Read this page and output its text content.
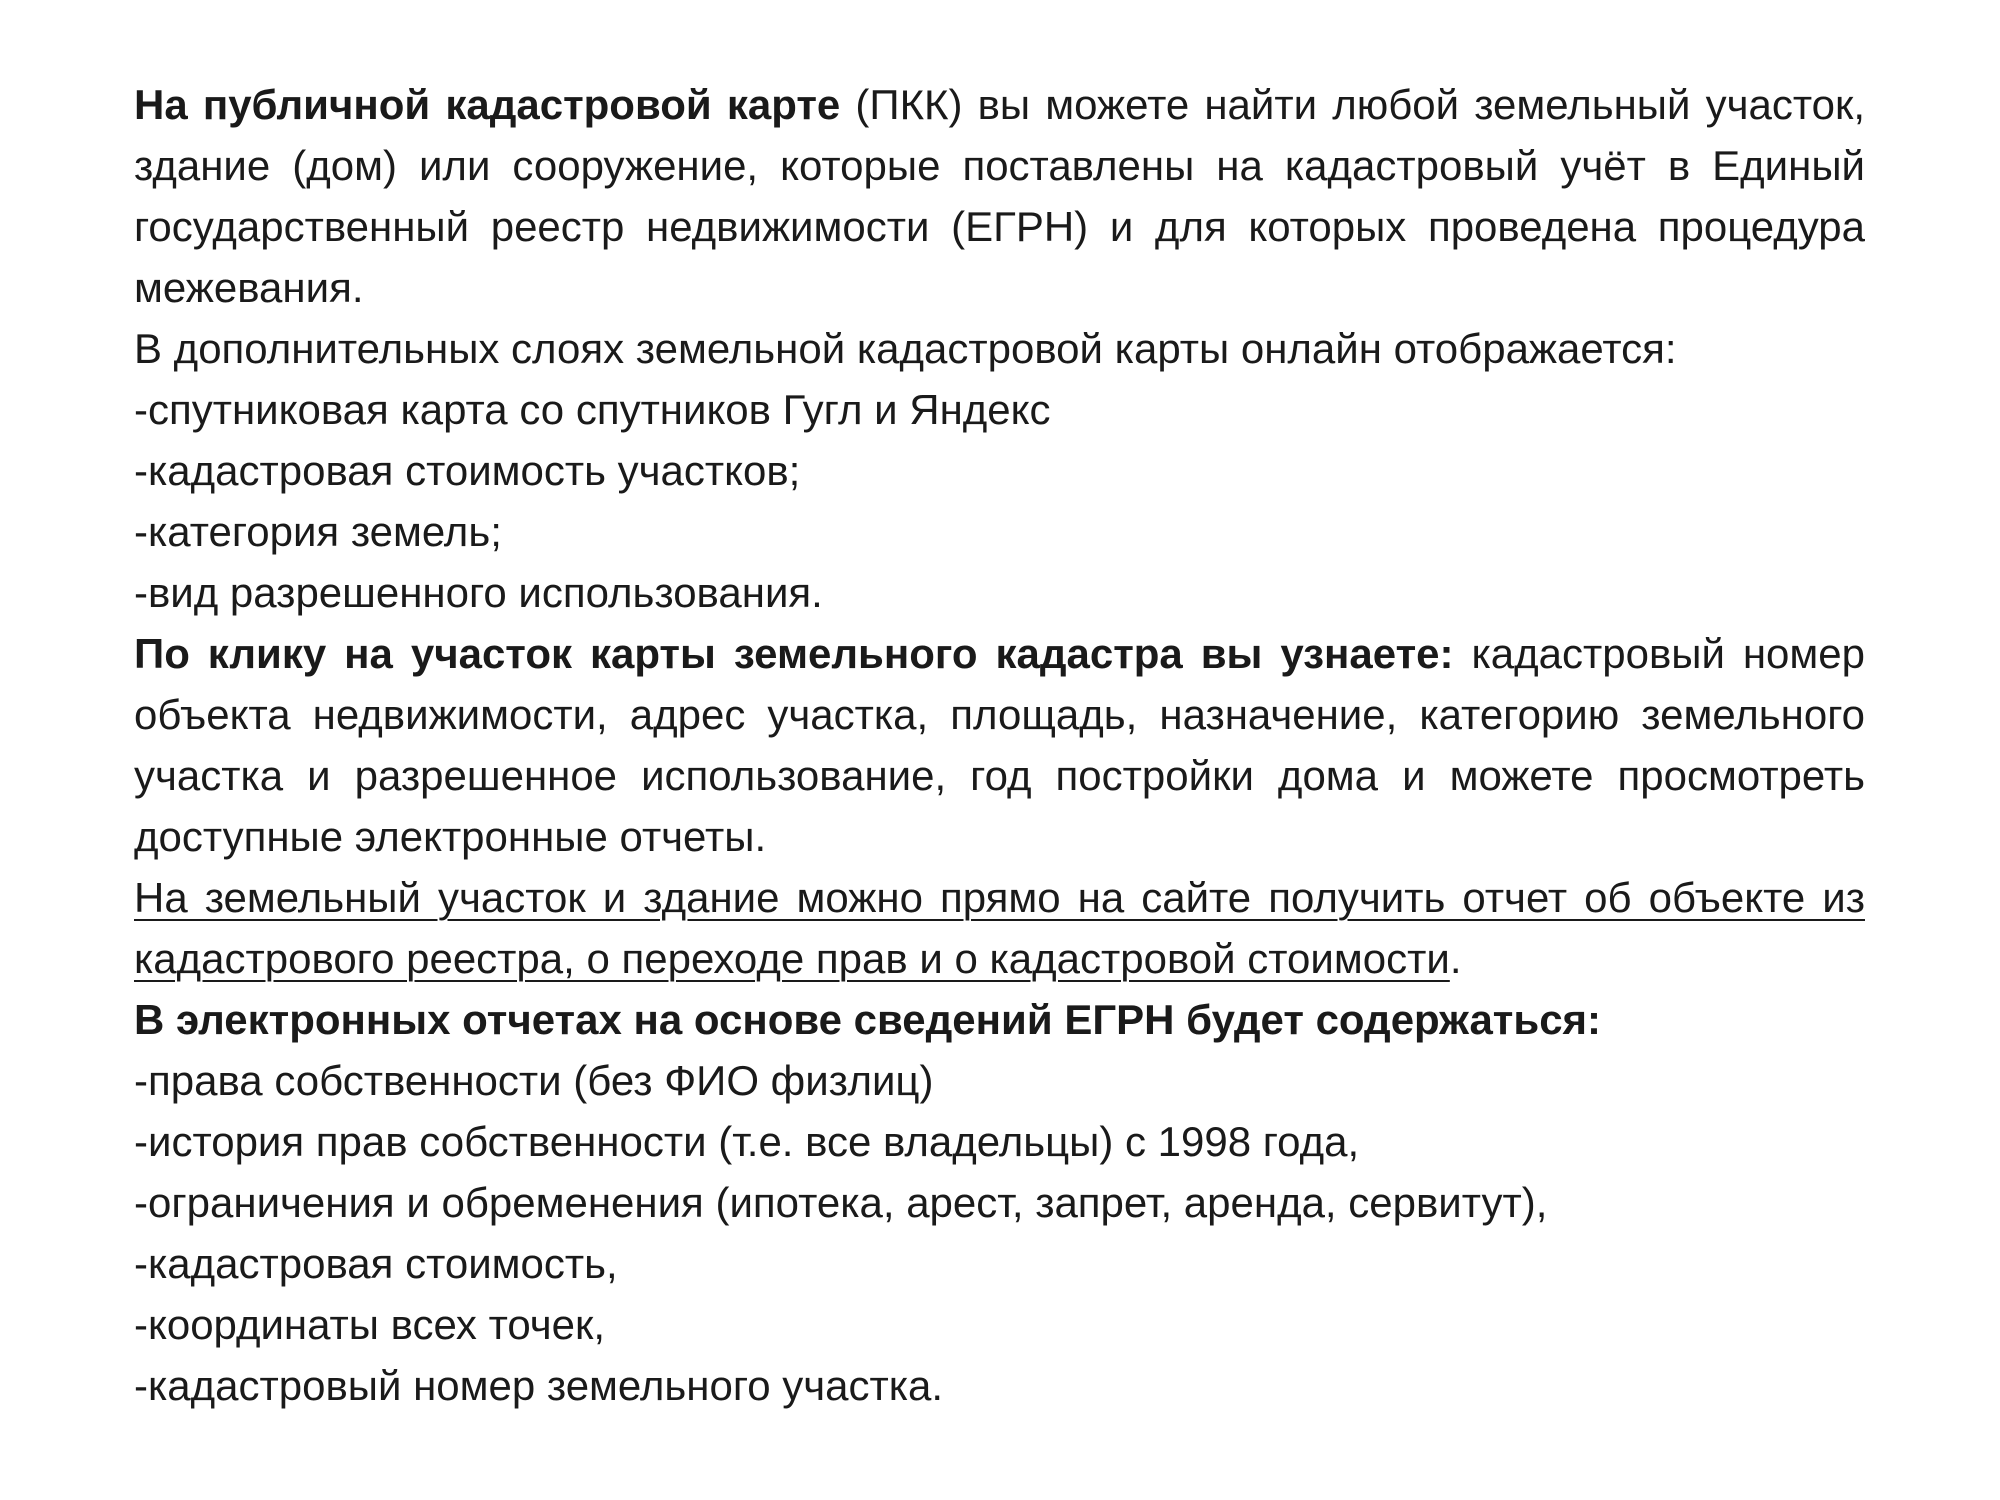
На публичной кадастровой карте (ПКК) вы можете найти любой земельный участок, здание (дом) или сооружение, которые поставлены на кадастровый учёт в Единый государственный реестр недвижимости (ЕГРН) и для которых проведена процедура межевания.

В дополнительных слоях земельной кадастровой карты онлайн отображается:

-спутниковая карта со спутников Гугл и Яндекс

-кадастровая стоимость участков;

-категория земель;

-вид разрешенного использования.

По клику на участок карты земельного кадастра вы узнаете: кадастровый номер объекта недвижимости, адрес участка, площадь, назначение, категорию земельного участка и разрешенное использование, год постройки дома и можете просмотреть доступные электронные отчеты.

На земельный участок и здание можно прямо на сайте получить отчет об объекте из кадастрового реестра, о переходе прав и о кадастровой стоимости.

В электронных отчетах на основе сведений ЕГРН будет содержаться:

-права собственности (без ФИО физлиц)

-история прав собственности (т.е. все владельцы) с 1998 года,

-ограничения и обременения (ипотека, арест, запрет, аренда, сервитут),

-кадастровая стоимость,

-координаты всех точек,

-кадастровый номер земельного участка.
